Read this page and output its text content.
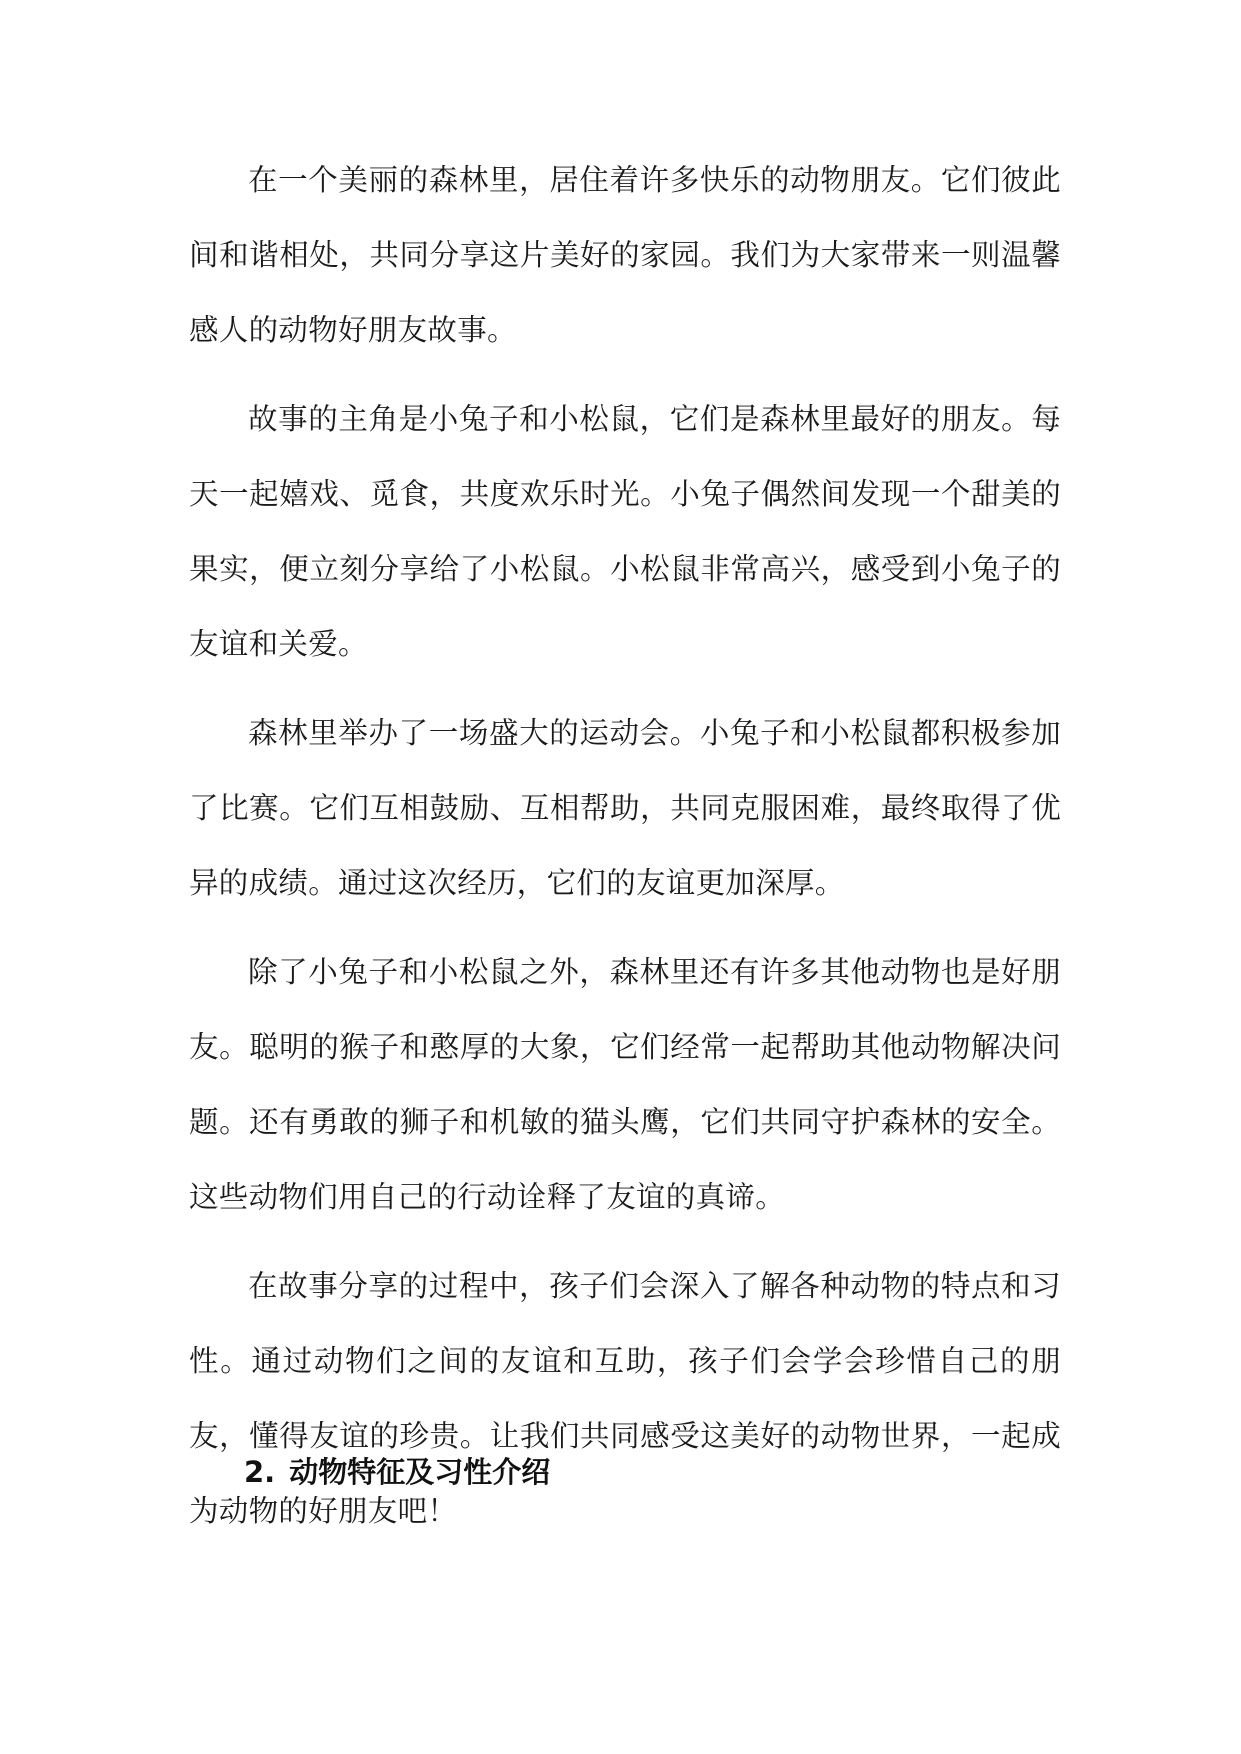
在一个美丽的森林里，居住着许多快乐的动物朋友。它们彼此间和谐相处，共同分享这片美好的家园。我们为大家带来一则温馨感人的动物好朋友故事。

故事的主角是小兔子和小松鼠，它们是森林里最好的朋友。每天一起嬉戏、觅食，共度欢乐时光。小兔子偶然间发现一个甜美的果实，便立刻分享给了小松鼠。小松鼠非常高兴，感受到小兔子的友谊和关爱。

森林里举办了一场盛大的运动会。小兔子和小松鼠都积极参加了比赛。它们互相鼓励、互相帮助，共同克服困难，最终取得了优异的成绩。通过这次经历，它们的友谊更加深厚。

除了小兔子和小松鼠之外，森林里还有许多其他动物也是好朋友。聪明的猴子和憨厚的大象，它们经常一起帮助其他动物解决问题。还有勇敢的狮子和机敏的猫头鹰，它们共同守护森林的安全。这些动物们用自己的行动诠释了友谊的真谛。

在故事分享的过程中，孩子们会深入了解各种动物的特点和习性。通过动物们之间的友谊和互助，孩子们会学会珍惜自己的朋友，懂得友谊的珍贵。让我们共同感受这美好的动物世界，一起成为动物的好朋友吧！

2. 动物特征及习性介绍
